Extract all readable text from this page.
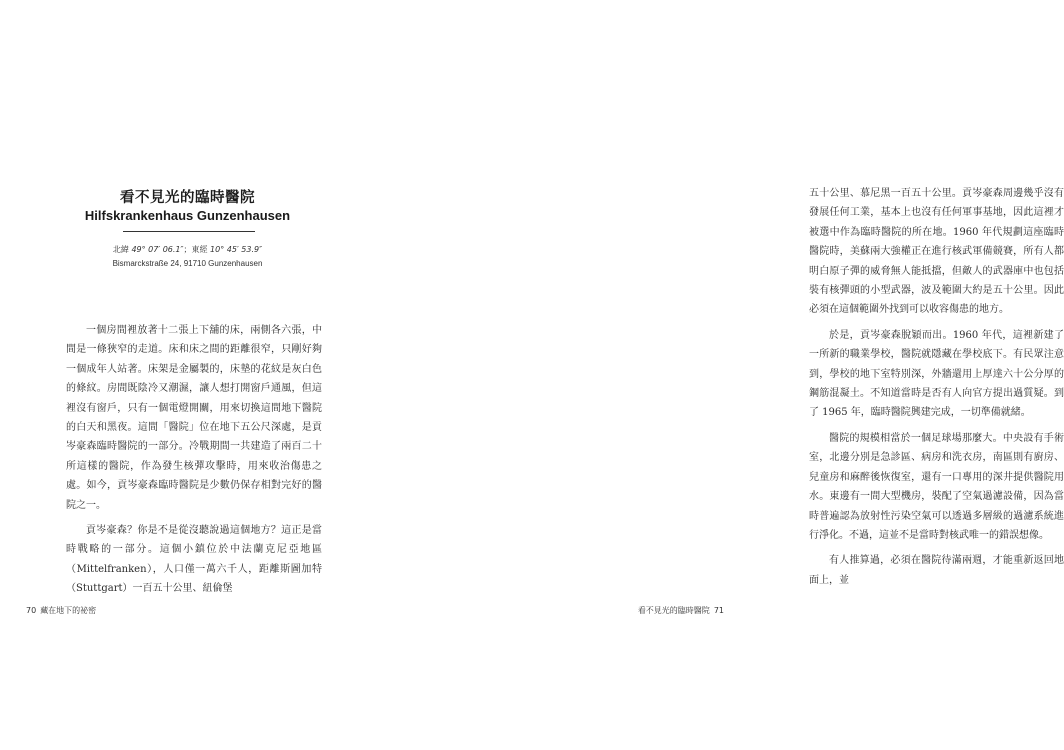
看不見光的臨時醫院
Hilfskrankenhaus Gunzenhausen
北緯 49° 07′ 06.1″；東經 10° 45′ 53.9″
Bismarckstraße 24, 91710 Gunzenhausen

一個房間裡放著十二張上下舖的床，兩側各六張，中間是一條狹窄的走道。床和床之間的距離很窄，只剛好夠一個成年人站著。床架是金屬製的，床墊的花紋是灰白色的條紋。房間既陰冷又潮濕，讓人想打開窗戶通風，但這裡沒有窗戶，只有一個電燈開關，用來切換這間地下醫院的白天和黑夜。這間「醫院」位在地下五公尺深處，是貢岑豪森臨時醫院的一部分。冷戰期間一共建造了兩百二十所這樣的醫院，作為發生核彈攻擊時，用來收治傷患之處。如今，貢岑豪森臨時醫院是少數仍保存相對完好的醫院之一。

貢岑豪森？你是不是從沒聽說過這個地方？這正是當時戰略的一部分。這個小鎮位於中法蘭克尼亞地區（Mittelfranken），人口僅一萬六千人，距離斯圖加特（Stuttgart）一百五十公里、紐倫堡

70 藏在地下的祕密

五十公里、慕尼黑一百五十公里。貢岑豪森周邊幾乎沒有發展任何工業，基本上也沒有任何軍事基地，因此這裡才被選中作為臨時醫院的所在地。1960 年代規劃這座臨時醫院時，美蘇兩大強權正在進行核武軍備競賽，所有人都明白原子彈的威脅無人能抵擋，但敵人的武器庫中也包括裝有核彈頭的小型武器，波及範圍大約是五十公里。因此必須在這個範圍外找到可以收容傷患的地方。

於是，貢岑豪森脫穎而出。1960 年代，這裡新建了一所新的職業學校，醫院就隱藏在學校底下。有民眾注意到，學校的地下室特別深，外牆還用上厚達六十公分厚的鋼筋混凝土。不知道當時是否有人向官方提出過質疑。到了 1965 年，臨時醫院興建完成，一切準備就緒。

醫院的規模相當於一個足球場那麼大。中央設有手術室，北邊分別是急診區、病房和洗衣房，南區則有廚房、兒童房和麻醉後恢復室，還有一口專用的深井提供醫院用水。東邊有一間大型機房，裝配了空氣過濾設備，因為當時普遍認為放射性污染空氣可以透過多層級的過濾系統進行淨化。不過，這並不是當時對核武唯一的錯誤想像。

有人推算過，必須在醫院待滿兩週，才能重新返回地面上，並

看不見光的臨時醫院 71
